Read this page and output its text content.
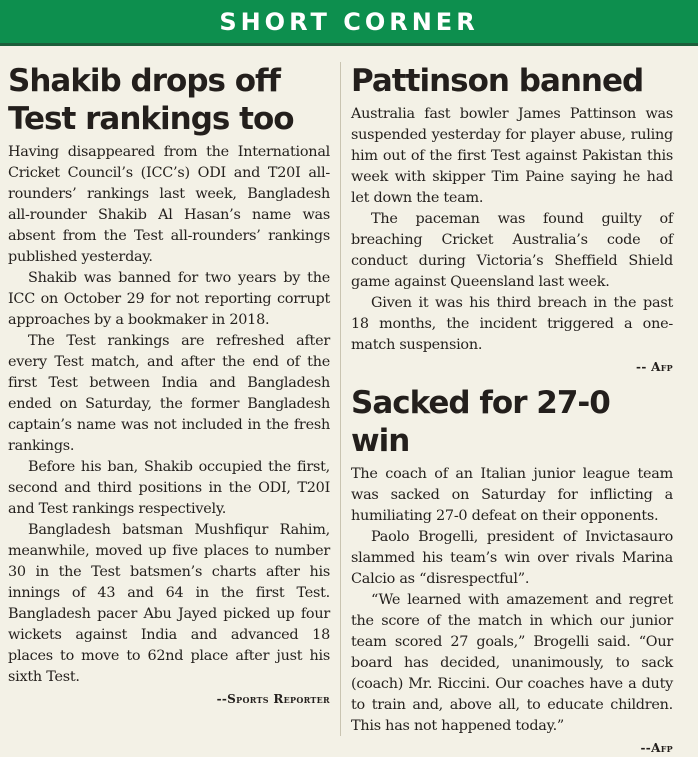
SHORT CORNER
Shakib drops off Test rankings too

Having disappeared from the International Cricket Council’s (ICC’s) ODI and T20I all-rounders’ rankings last week, Bangladesh all-rounder Shakib Al Hasan’s name was absent from the Test all-rounders’ rankings published yesterday.

Shakib was banned for two years by the ICC on October 29 for not reporting corrupt approaches by a bookmaker in 2018.

The Test rankings are refreshed after every Test match, and after the end of the first Test between India and Bangladesh ended on Saturday, the former Bangladesh captain’s name was not included in the fresh rankings.

Before his ban, Shakib occupied the first, second and third positions in the ODI, T20I and Test rankings respectively.

Bangladesh batsman Mushfiqur Rahim, meanwhile, moved up five places to number 30 in the Test batsmen’s charts after his innings of 43 and 64 in the first Test. Bangladesh pacer Abu Jayed picked up four wickets against India and advanced 18 places to move to 62nd place after just his sixth Test.

--Sports Reporter

Pattinson banned

Australia fast bowler James Pattinson was suspended yesterday for player abuse, ruling him out of the first Test against Pakistan this week with skipper Tim Paine saying he had let down the team.

The paceman was found guilty of breaching Cricket Australia’s code of conduct during Victoria’s Sheffield Shield game against Queensland last week.

Given it was his third breach in the past 18 months, the incident triggered a one-match suspension.

-- Afp

Sacked for 27-0 win

The coach of an Italian junior league team was sacked on Saturday for inflicting a humiliating 27-0 defeat on their opponents.

Paolo Brogelli, president of Invictasauro slammed his team’s win over rivals Marina Calcio as “disrespectful”.

“We learned with amazement and regret the score of the match in which our junior team scored 27 goals,” Brogelli said. “Our board has decided, unanimously, to sack (coach) Mr. Riccini. Our coaches have a duty to train and, above all, to educate children. This has not happened today.”

--Afp
